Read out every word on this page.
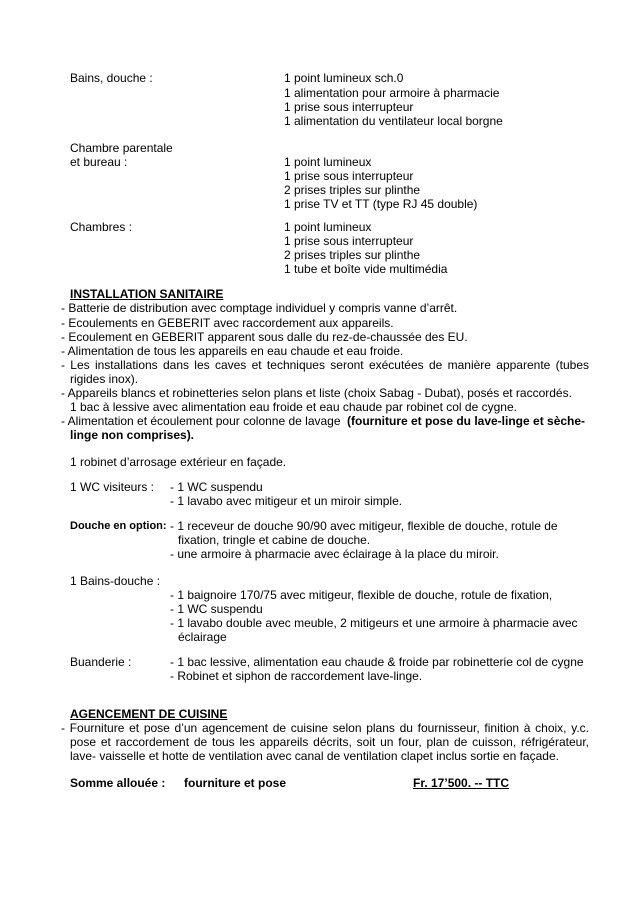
Bains, douche :	1 point lumineux sch.0
1 alimentation pour armoire à pharmacie
1 prise sous interrupteur
1 alimentation du ventilateur local borgne
Chambre parentale
et bureau :	1 point lumineux
1 prise sous interrupteur
2 prises triples sur plinthe
1 prise TV et TT (type RJ 45 double)
Chambres :	1 point lumineux
1 prise sous interrupteur
2 prises triples sur plinthe
1 tube et boîte vide multimédia
INSTALLATION SANITAIRE
- Batterie de distribution avec comptage individuel y compris vanne d’arrêt.
- Ecoulements en GEBERIT avec raccordement aux appareils.
- Ecoulement en GEBERIT apparent sous dalle du rez-de-chaussée des EU.
- Alimentation de tous les appareils en eau chaude et eau froide.
- Les installations dans les caves et techniques seront exécutées de manière apparente (tubes
rigides inox).
- Appareils blancs et robinetteries selon plans et liste (choix Sabag - Dubat), posés et raccordés.
1 bac à lessive avec alimentation eau froide et eau chaude par robinet col de cygne.
- Alimentation et écoulement pour colonne de lavage (fourniture et pose du lave-linge et sèche-
linge non comprises).
1 robinet d’arrosage extérieur en façade.
1 WC visiteurs : - 1 WC suspendu
- 1 lavabo avec mitigeur et un miroir simple.
Douche en option: - 1 receveur de douche 90/90 avec mitigeur, flexible de douche, rotule de
fixation, tringle et cabine de douche.
- une armoire à pharmacie avec éclairage à la place du miroir.
1 Bains-douche :
- 1 baignoire 170/75 avec mitigeur, flexible de douche, rotule de fixation,
- 1 WC suspendu
- 1 lavabo double avec meuble, 2 mitigeurs et une armoire à pharmacie avec
éclairage
Buanderie :	- 1 bac lessive, alimentation eau chaude & froide par robinetterie col de cygne
- Robinet et siphon de raccordement lave-linge.
AGENCEMENT DE CUISINE
- Fourniture et pose d’un agencement de cuisine selon plans du fournisseur, finition à choix, y.c.
pose et raccordement de tous les appareils décrits, soit un four, plan de cuisson, réfrigérateur,
lave- vaisselle et hotte de ventilation avec canal de ventilation clapet inclus sortie en façade.
Somme allouée : fourniture et pose	Fr. 17’500. -- TTC
